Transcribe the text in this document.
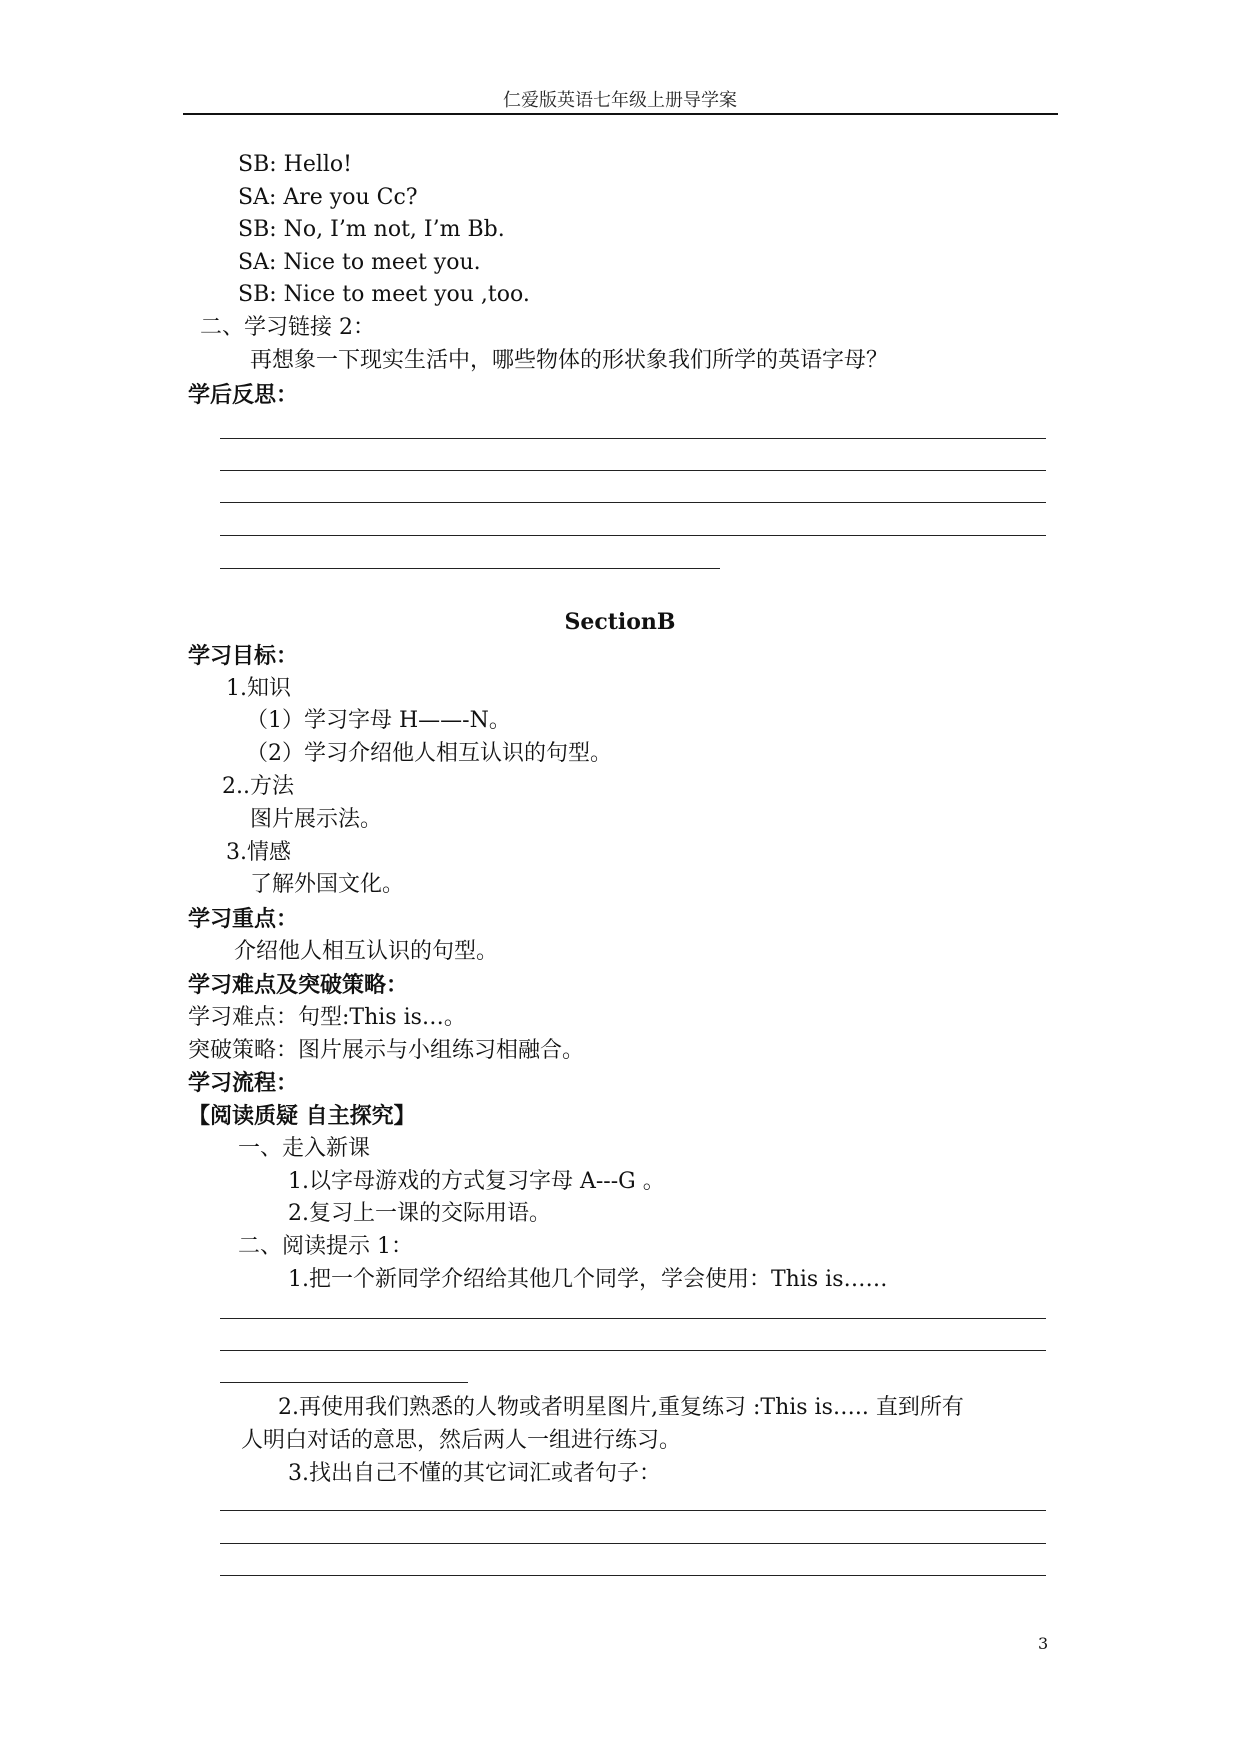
仁爱版英语七年级上册导学案
SB: Hello!
SA: Are you Cc?
SB: No, I’m not, I’m Bb.
SA: Nice to meet you.
SB: Nice to meet you ,too.
二、学习链接 2：
再想象一下现实生活中，哪些物体的形状象我们所学的英语字母？
学后反思：
SectionB
学习目标：
1.知识
（1）学习字母 H——-N。
（2）学习介绍他人相互认识的句型。
2..方法
图片展示法。
3.情感
了解外国文化。
学习重点：
介绍他人相互认识的句型。
学习难点及突破策略：
学习难点：句型:This is…。
突破策略：图片展示与小组练习相融合。
学习流程：
【阅读质疑 自主探究】
一、走入新课
1.以字母游戏的方式复习字母 A---G 。
2.复习上一课的交际用语。
二、阅读提示 1：
1.把一个新同学介绍给其他几个同学，学会使用：This is……
2.再使用我们熟悉的人物或者明星图片,重复练习 :This is….. 直到所有
人明白对话的意思，然后两人一组进行练习。
3.找出自己不懂的其它词汇或者句子：
3
